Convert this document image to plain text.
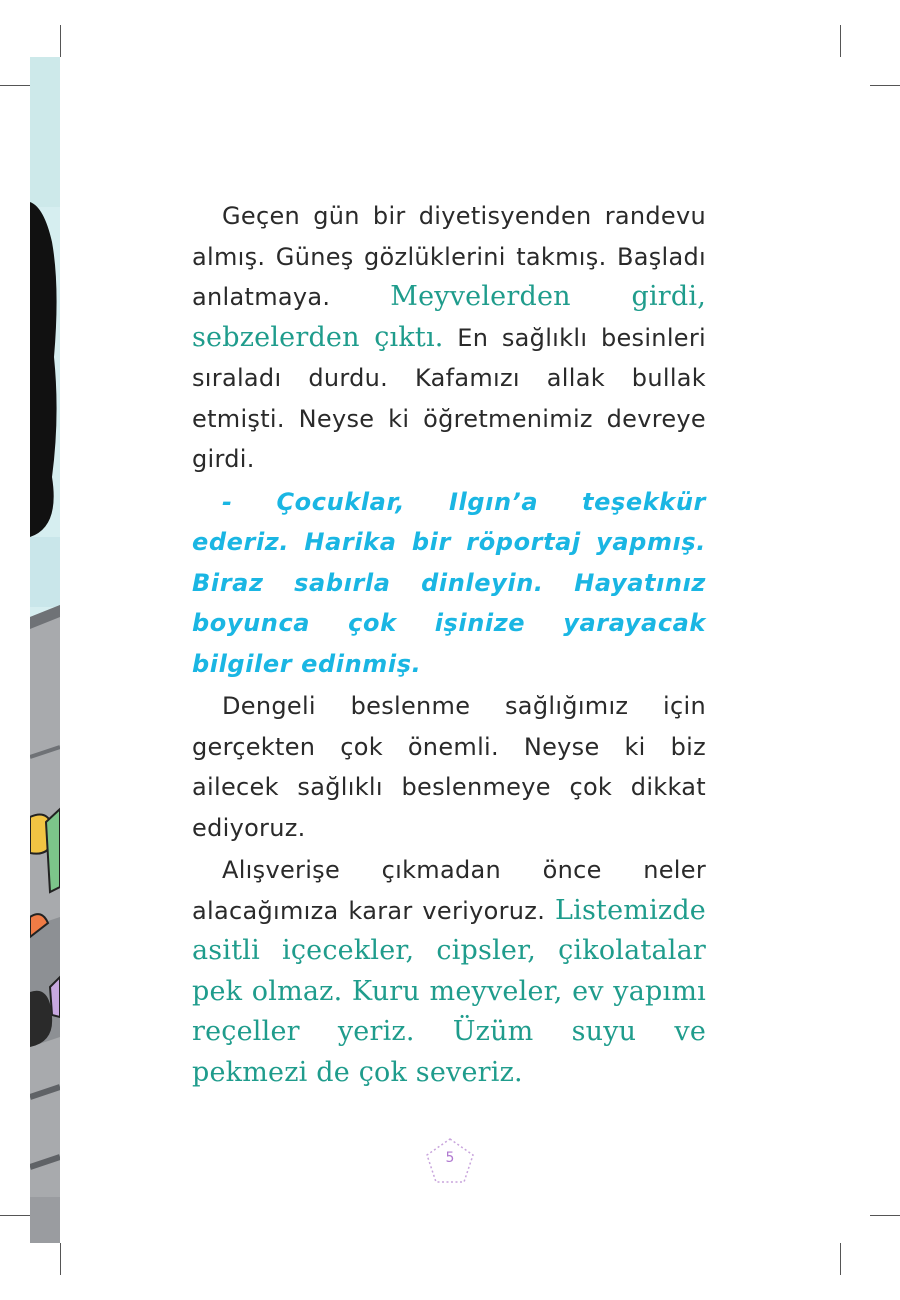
Geçen gün bir diyetisyenden randevu almış. Güneş gözlüklerini takmış. Başladı anlatmaya. Meyvelerden girdi, sebzelerden çıktı. En sağlıklı besinleri sıraladı durdu. Kafamızı allak bullak etmişti. Neyse ki öğretmenimiz devreye girdi.

- Çocuklar, Ilgın’a teşekkür ederiz. Harika bir röportaj yapmış. Biraz sabırla dinleyin. Hayatınız boyunca çok işinize yarayacak bilgiler edinmiş.

Dengeli beslenme sağlığımız için gerçekten çok önemli. Neyse ki biz ailecek sağlıklı beslenmeye çok dikkat ediyoruz.

Alışverişe çıkmadan önce neler alacağımıza karar veriyoruz. Listemizde asitli içecekler, cipsler, çikolatalar pek olmaz. Kuru meyveler, ev yapımı reçeller yeriz. Üzüm suyu ve pekmezi de çok severiz.

5
